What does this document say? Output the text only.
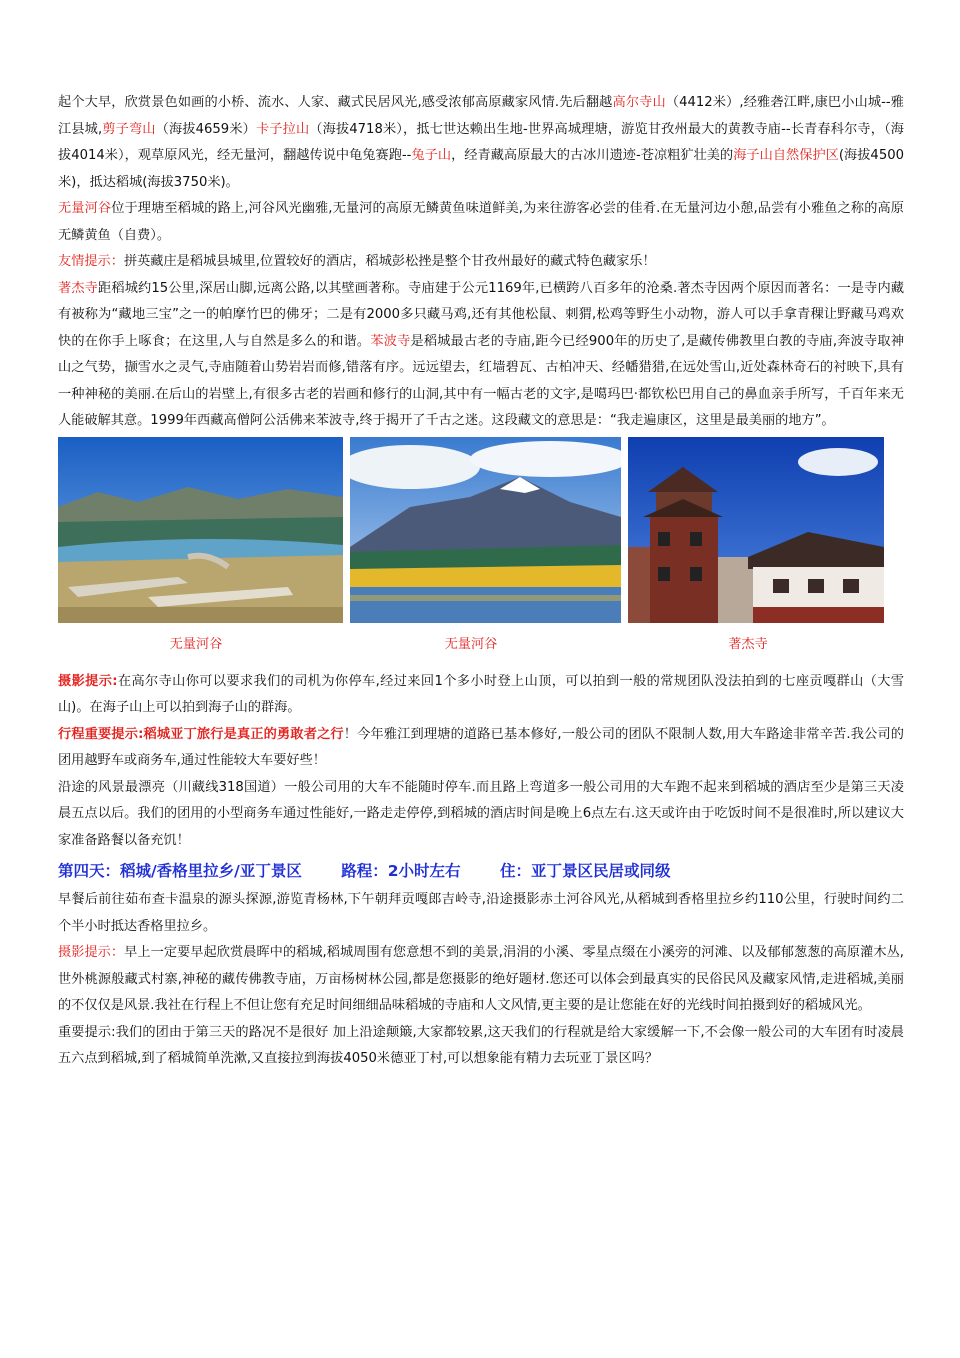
起个大早，欣赏景色如画的小桥、流水、人家、藏式民居风光,感受浓郁高原藏家风情.先后翻越高尔寺山（4412米）,经雅砻江畔,康巴小山城--雅江县城,剪子弯山（海拔4659米）卡子拉山（海拔4718米），抵七世达赖出生地-世界高城理塘，游览甘孜州最大的黄教寺庙--长青春科尔寺，（海拔4014米），观草原风光，经无量河，翻越传说中龟兔赛跑--兔子山，经青藏高原最大的古冰川遗迹-苍凉粗犷壮美的海子山自然保护区(海拔4500米)，抵达稻城(海拔3750米)。

无量河谷位于理塘至稻城的路上,河谷风光幽雅,无量河的高原无鳞黄鱼味道鲜美,为来往游客必尝的佳肴.在无量河边小憩,品尝有小雅鱼之称的高原无鳞黄鱼（自费）。

友情提示：拼英藏庄是稻城县城里,位置较好的酒店，稻城彭松挫是整个甘孜州最好的藏式特色藏家乐！

著杰寺距稻城约15公里,深居山脚,远离公路,以其壁画著称。寺庙建于公元1169年,已横跨八百多年的沧桑.著杰寺因两个原因而著名：一是寺内藏有被称为“藏地三宝”之一的帕摩竹巴的佛牙；二是有2000多只藏马鸡,还有其他松鼠、刺猬,松鸡等野生小动物，游人可以手拿青稞让野藏马鸡欢快的在你手上啄食；在这里,人与自然是多么的和谐。苯波寺是稻城最古老的寺庙,距今已经900年的历史了,是藏传佛教里白教的寺庙,奔波寺取神山之气势，撷雪水之灵气,寺庙随着山势岩岩而修,错落有序。远远望去，红墙碧瓦、古柏冲天、经幡猎猎,在远处雪山,近处森林奇石的衬映下,具有一种神秘的美丽.在后山的岩壁上,有很多古老的岩画和修行的山洞,其中有一幅古老的文字,是噶玛巴·都钦松巴用自己的鼻血亲手所写，千百年来无人能破解其意。1999年西藏高僧阿公活佛来苯波寺,终于揭开了千古之迷。这段藏文的意思是：“我走遍康区，这里是最美丽的地方”。

无量河谷	无量河谷	著杰寺

摄影提示:在高尔寺山你可以要求我们的司机为你停车,经过来回1个多小时登上山顶，可以拍到一般的常规团队没法拍到的七座贡嘎群山（大雪山)。在海子山上可以拍到海子山的群海。

行程重要提示:稻城亚丁旅行是真正的勇敢者之行！今年雅江到理塘的道路已基本修好,一般公司的团队不限制人数,用大车路途非常辛苦.我公司的团用越野车或商务车,通过性能较大车要好些！

沿途的风景最漂亮（川藏线318国道）一般公司用的大车不能随时停车.而且路上弯道多一般公司用的大车跑不起来到稻城的酒店至少是第三天凌晨五点以后。我们的团用的小型商务车通过性能好,一路走走停停,到稻城的酒店时间是晚上6点左右.这天或许由于吃饭时间不是很准时,所以建议大家准备路餐以备充饥！

第四天：稻城/香格里拉乡/亚丁景区	路程：2小时左右	住：亚丁景区民居或同级

早餐后前往茹布查卡温泉的源头探源,游览青杨林,下午朝拜贡嘎郎吉岭寺,沿途摄影赤土河谷风光,从稻城到香格里拉乡约110公里，行驶时间约二个半小时抵达香格里拉乡。

摄影提示：早上一定要早起欣赏晨晖中的稻城,稻城周围有您意想不到的美景,涓涓的小溪、零星点缀在小溪旁的河滩、以及郁郁葱葱的高原灌木丛,世外桃源般藏式村寨,神秘的藏传佛教寺庙，万亩杨树林公园,都是您摄影的绝好题材.您还可以体会到最真实的民俗民风及藏家风情,走进稻城,美丽的不仅仅是风景.我社在行程上不但让您有充足时间细细品味稻城的寺庙和人文风情,更主要的是让您能在好的光线时间拍摄到好的稻城风光。

重要提示:我们的团由于第三天的路况不是很好 加上沿途颠簸,大家都较累,这天我们的行程就是给大家缓解一下,不会像一般公司的大车团有时凌晨五六点到稻城,到了稻城简单洗漱,又直接拉到海拔4050米德亚丁村,可以想象能有精力去玩亚丁景区吗？
